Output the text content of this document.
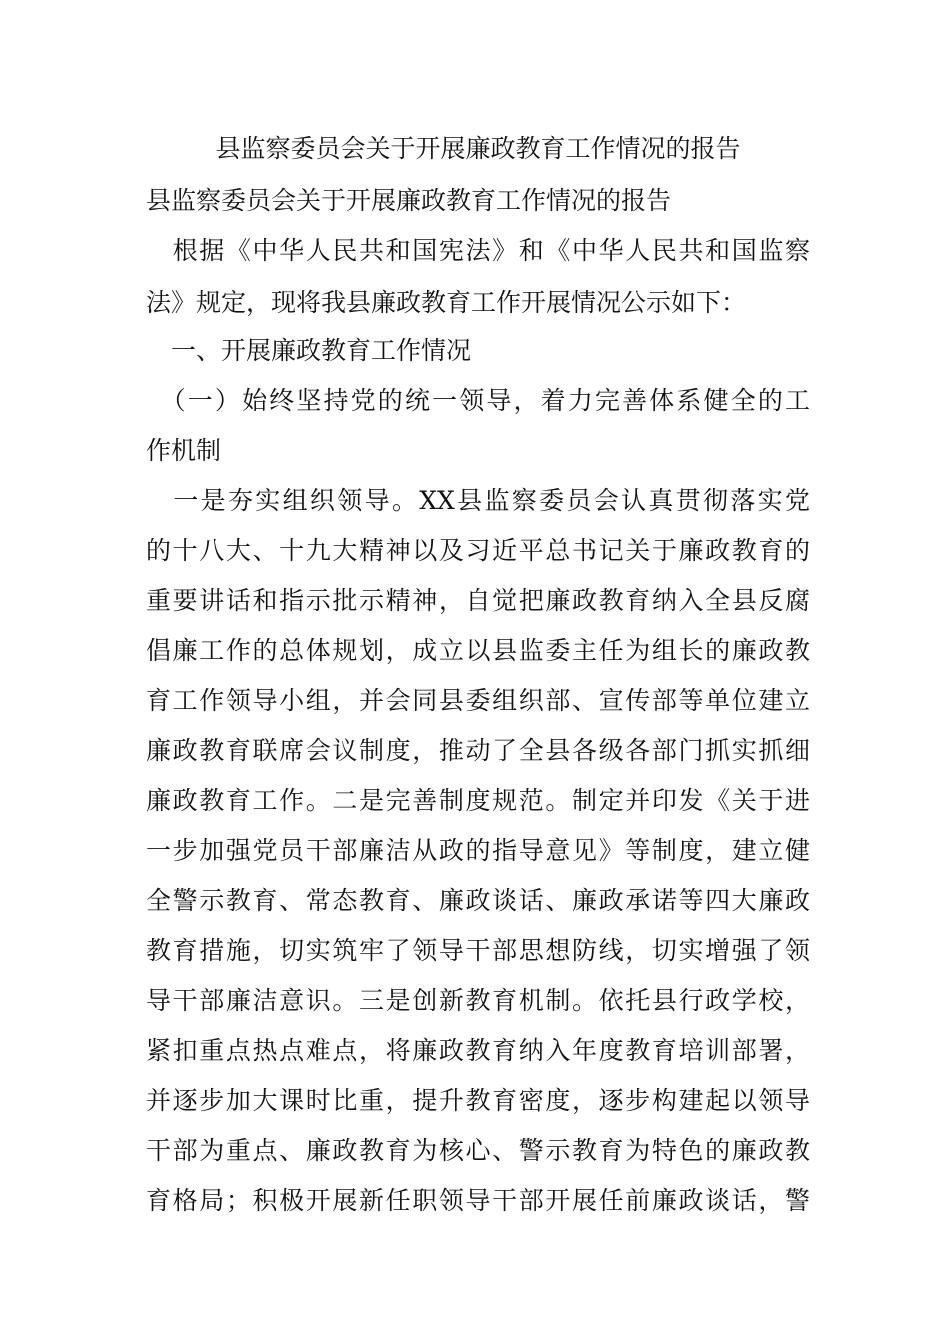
县监察委员会关于开展廉政教育工作情况的报告
县监察委员会关于开展廉政教育工作情况的报告
　根据《中华人民共和国宪法》和《中华人民共和国监察
法》规定，现将我县廉政教育工作开展情况公示如下：
　一、开展廉政教育工作情况
　（一）始终坚持党的统一领导，着力完善体系健全的工
作机制
　一是夯实组织领导。XX县监察委员会认真贯彻落实党
的十八大、十九大精神以及习近平总书记关于廉政教育的
重要讲话和指示批示精神，自觉把廉政教育纳入全县反腐
倡廉工作的总体规划，成立以县监委主任为组长的廉政教
育工作领导小组，并会同县委组织部、宣传部等单位建立
廉政教育联席会议制度，推动了全县各级各部门抓实抓细
廉政教育工作。二是完善制度规范。制定并印发《关于进
一步加强党员干部廉洁从政的指导意见》等制度，建立健
全警示教育、常态教育、廉政谈话、廉政承诺等四大廉政
教育措施，切实筑牢了领导干部思想防线，切实增强了领
导干部廉洁意识。三是创新教育机制。依托县行政学校，
紧扣重点热点难点，将廉政教育纳入年度教育培训部署，
并逐步加大课时比重，提升教育密度，逐步构建起以领导
干部为重点、廉政教育为核心、警示教育为特色的廉政教
育格局；积极开展新任职领导干部开展任前廉政谈话，警
